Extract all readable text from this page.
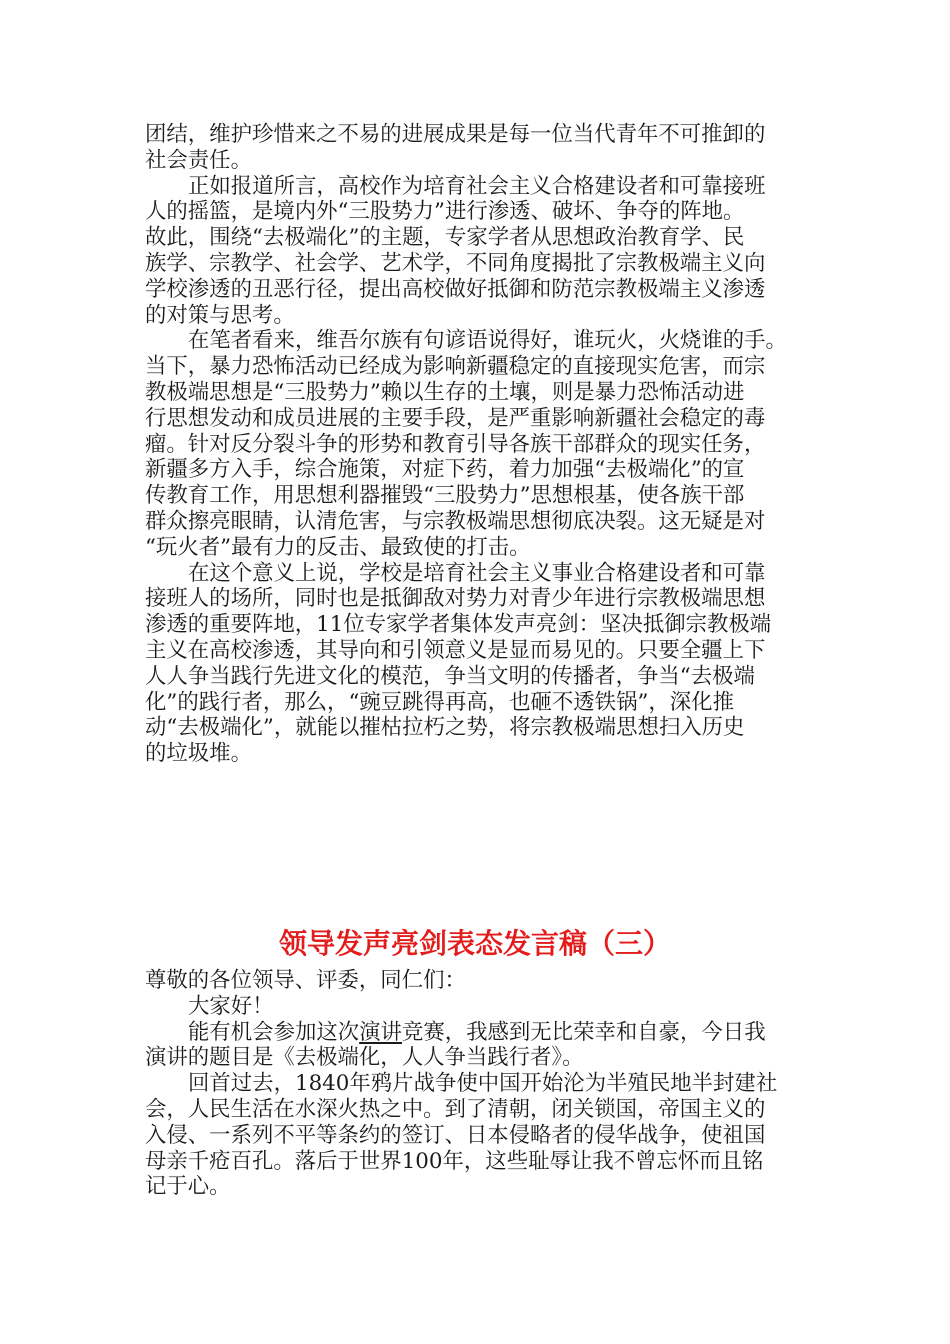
团结，维护珍惜来之不易的进展成果是每一位当代青年不可推卸的

社会责任。

正如报道所言，高校作为培育社会主义合格建设者和可靠接班

人的摇篮，是境内外“三股势力”进行渗透、破坏、争夺的阵地。

故此，围绕“去极端化”的主题，专家学者从思想政治教育学、民

族学、宗教学、社会学、艺术学，不同角度揭批了宗教极端主义向

学校渗透的丑恶行径，提出高校做好抵御和防范宗教极端主义渗透

的对策与思考。

在笔者看来，维吾尔族有句谚语说得好，谁玩火，火烧谁的手。

当下，暴力恐怖活动已经成为影响新疆稳定的直接现实危害，而宗

教极端思想是“三股势力”赖以生存的土壤，则是暴力恐怖活动进

行思想发动和成员进展的主要手段，是严重影响新疆社会稳定的毒

瘤。针对反分裂斗争的形势和教育引导各族干部群众的现实任务，

新疆多方入手，综合施策，对症下药，着力加强“去极端化”的宣

传教育工作，用思想利器摧毁“三股势力”思想根基，使各族干部

群众擦亮眼睛，认清危害，与宗教极端思想彻底决裂。这无疑是对

“玩火者”最有力的反击、最致使的打击。

在这个意义上说，学校是培育社会主义事业合格建设者和可靠

接班人的场所，同时也是抵御敌对势力对青少年进行宗教极端思想

渗透的重要阵地，11位专家学者集体发声亮剑：坚决抵御宗教极端

主义在高校渗透，其导向和引领意义是显而易见的。只要全疆上下

人人争当践行先进文化的模范，争当文明的传播者，争当“去极端

化”的践行者，那么，“豌豆跳得再高，也砸不透铁锅”，深化推

动“去极端化”，就能以摧枯拉朽之势，将宗教极端思想扫入历史

的垃圾堆。

领导发声亮剑表态发言稿（三）

尊敬的各位领导、评委，同仁们：

大家好！

能有机会参加这次演讲竞赛，我感到无比荣幸和自豪，今日我

演讲的题目是《去极端化，人人争当践行者》。

回首过去，1840年鸦片战争使中国开始沦为半殖民地半封建社

会，人民生活在水深火热之中。到了清朝，闭关锁国，帝国主义的

入侵、一系列不平等条约的签订、日本侵略者的侵华战争，使祖国

母亲千疮百孔。落后于世界100年，这些耻辱让我不曾忘怀而且铭

记于心。
